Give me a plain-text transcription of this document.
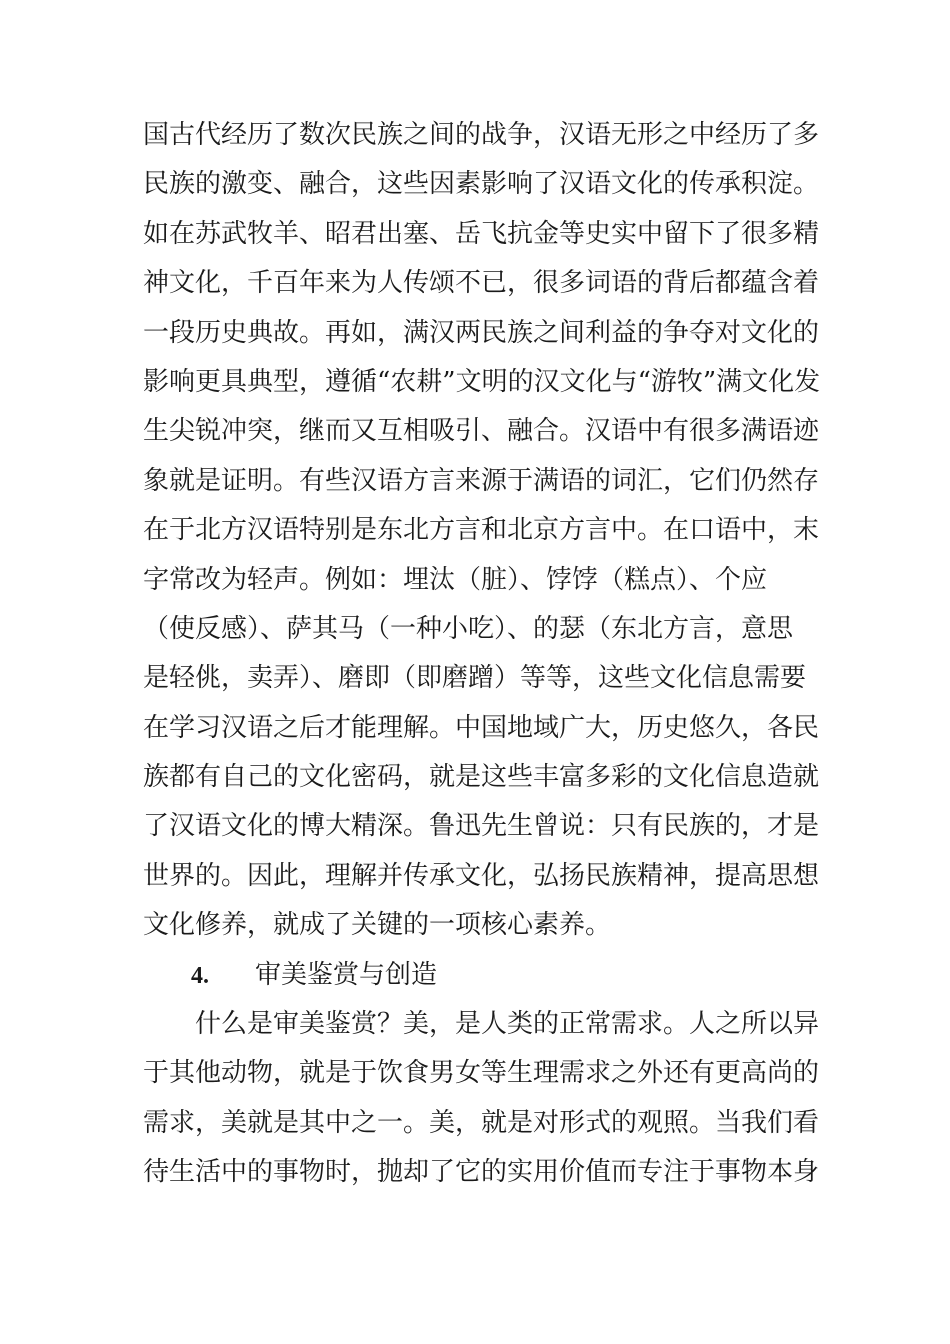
国古代经历了数次民族之间的战争，汉语无形之中经历了多
民族的激变、融合，这些因素影响了汉语文化的传承积淀。
如在苏武牧羊、昭君出塞、岳飞抗金等史实中留下了很多精
神文化，千百年来为人传颂不已，很多词语的背后都蕴含着
一段历史典故。再如，满汉两民族之间利益的争夺对文化的
影响更具典型，遵循“农耕”文明的汉文化与“游牧”满文化发
生尖锐冲突，继而又互相吸引、融合。汉语中有很多满语迹
象就是证明。有些汉语方言来源于满语的词汇，它们仍然存
在于北方汉语特别是东北方言和北京方言中。在口语中，末
字常改为轻声。例如：埋汰（脏）、饽饽（糕点）、个应
（使反感）、萨其马（一种小吃）、的瑟（东北方言，意思
是轻佻，卖弄）、磨即（即磨蹭）等等，这些文化信息需要
在学习汉语之后才能理解。中国地域广大，历史悠久，各民
族都有自己的文化密码，就是这些丰富多彩的文化信息造就
了汉语文化的博大精深。鲁迅先生曾说：只有民族的，才是
世界的。因此，理解并传承文化，弘扬民族精神，提高思想
文化修养，就成了关键的一项核心素养。
4. 审美鉴赏与创造
什么是审美鉴赏？美，是人类的正常需求。人之所以异
于其他动物，就是于饮食男女等生理需求之外还有更高尚的
需求，美就是其中之一。美，就是对形式的观照。当我们看
待生活中的事物时，抛却了它的实用价值而专注于事物本身
